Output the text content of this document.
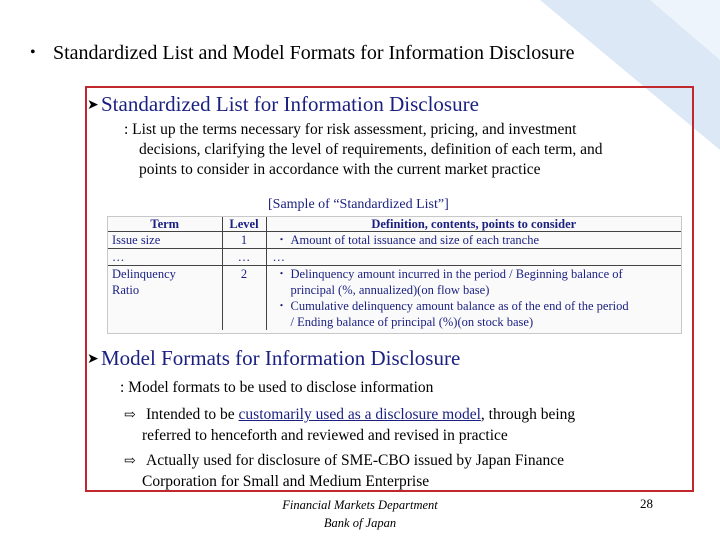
• Standardized List and Model Formats for Information Disclosure
➤ Standardized List for Information Disclosure
: List up the terms necessary for risk assessment, pricing, and investment
decisions, clarifying the level of requirements, definition of each term, and
points to consider in accordance with the current market practice
[Sample of “Standardized List”]
Term	Level	Definition, contents, points to consider
Issue size	1	・ Amount of total issuance and size of each tranche
…	…	…

Delinquency
Ratio	2	・ Delinquency amount incurred in the period / Beginning balance of
principal (%, annualized)(on flow base)
・ Cumulative delinquency amount balance as of the end of the period
/ Ending balance of principal (%)(on stock base)
➤ Model Formats for Information Disclosure
: Model formats to be used to disclose information
⇨ Intended to be customarily used as a disclosure model, through being
referred to henceforth and reviewed and revised in practice
⇨ Actually used for disclosure of SME-CBO issued by Japan Finance
Corporation for Small and Medium Enterprise
Financial Markets Department
Bank of Japan
28
